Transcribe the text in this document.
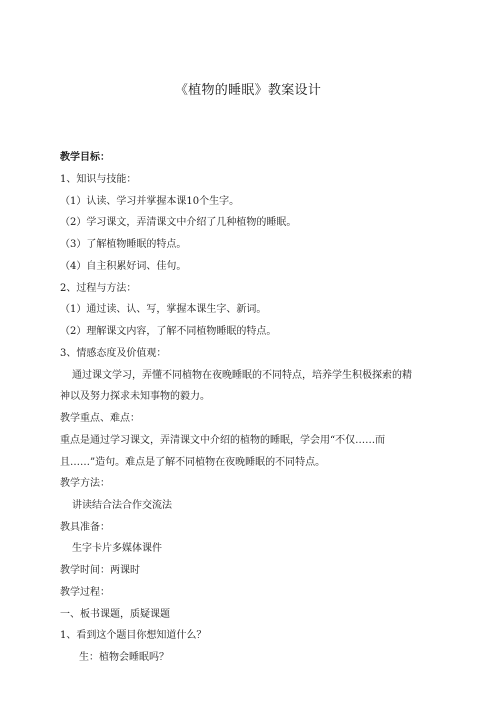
《植物的睡眠》教案设计
教学目标：
1、知识与技能：
（1）认读、学习并掌握本课10个生字。
（2）学习课文，弄清课文中介绍了几种植物的睡眠。
（3）了解植物睡眠的特点。
（4）自主积累好词、佳句。
2、过程与方法：
（1）通过读、认、写，掌握本课生字、新词。
（2）理解课文内容，了解不同植物睡眠的特点。
3、情感态度及价值观：
通过课文学习，弄懂不同植物在夜晚睡眠的不同特点，培养学生积极探索的精
神以及努力探求未知事物的毅力。
教学重点、难点：
重点是通过学习课文，弄清课文中介绍的植物的睡眠，学会用“不仅……而
且……”造句。难点是了解不同植物在夜晚睡眠的不同特点。
教学方法：
讲读结合法合作交流法
教具准备：
生字卡片多媒体课件
教学时间：两课时
教学过程：
一、板书课题，质疑课题
1、看到这个题目你想知道什么？
生：植物会睡眠吗？
